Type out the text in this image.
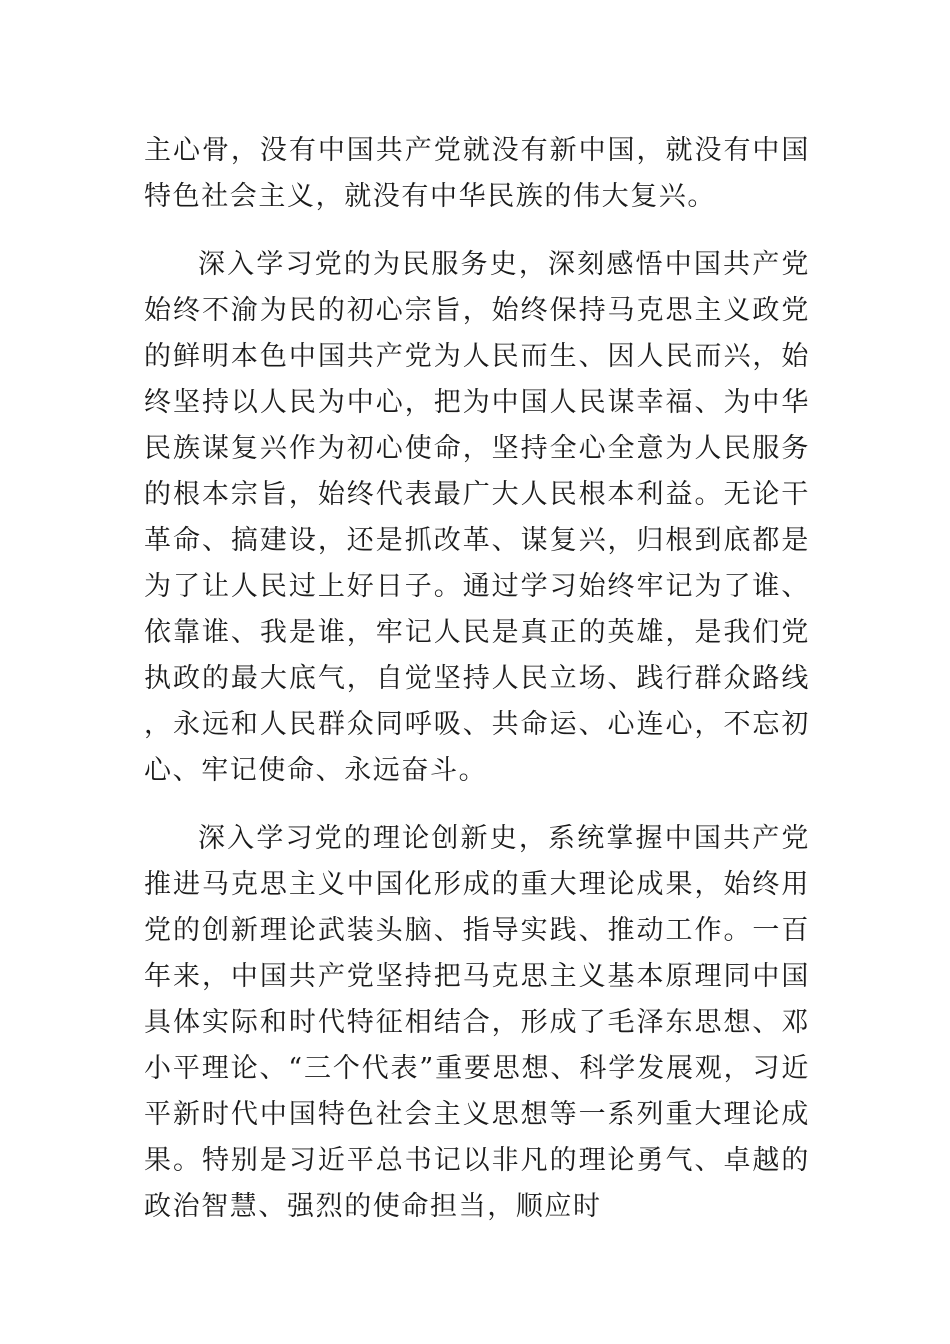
主心骨，没有中国共产党就没有新中国，就没有中国特色社会主义，就没有中华民族的伟大复兴。

深入学习党的为民服务史，深刻感悟中国共产党始终不渝为民的初心宗旨，始终保持马克思主义政党的鲜明本色中国共产党为人民而生、因人民而兴，始终坚持以人民为中心，把为中国人民谋幸福、为中华民族谋复兴作为初心使命，坚持全心全意为人民服务的根本宗旨，始终代表最广大人民根本利益。无论干革命、搞建设，还是抓改革、谋复兴，归根到底都是为了让人民过上好日子。通过学习始终牢记为了谁、依靠谁、我是谁，牢记人民是真正的英雄，是我们党执政的最大底气，自觉坚持人民立场、践行群众路线，永远和人民群众同呼吸、共命运、心连心，不忘初心、牢记使命、永远奋斗。

深入学习党的理论创新史，系统掌握中国共产党推进马克思主义中国化形成的重大理论成果，始终用党的创新理论武装头脑、指导实践、推动工作。一百年来，中国共产党坚持把马克思主义基本原理同中国具体实际和时代特征相结合，形成了毛泽东思想、邓小平理论、“三个代表”重要思想、科学发展观，习近平新时代中国特色社会主义思想等一系列重大理论成果。特别是习近平总书记以非凡的理论勇气、卓越的政治智慧、强烈的使命担当，顺应时
